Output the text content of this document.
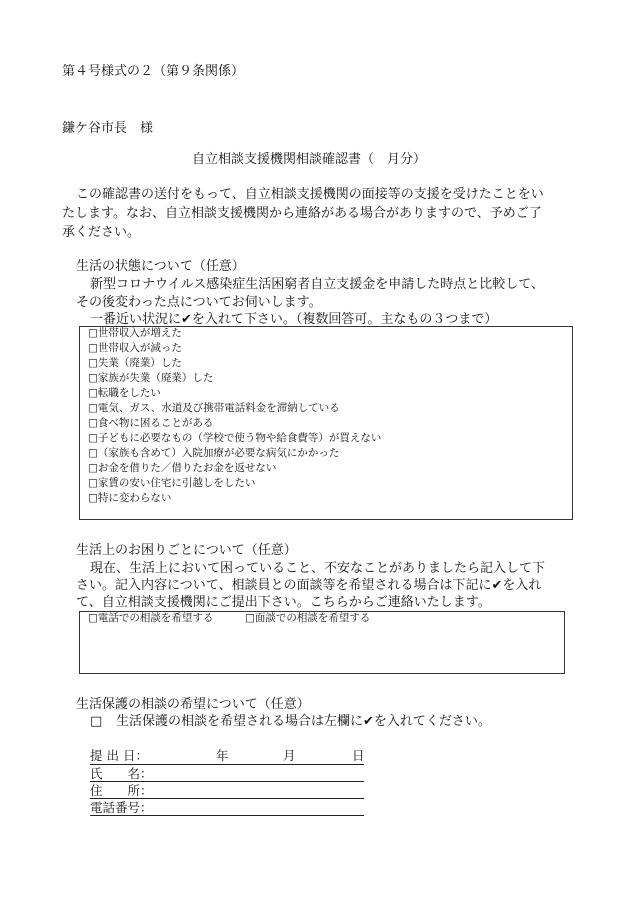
第４号様式の２（第９条関係）
鎌ケ谷市長　様
自立相談支援機関相談確認書（　月分）
この確認書の送付をもって、自立相談支援機関の面接等の支援を受けたことをい
たします。なお、自立相談支援機関から連絡がある場合がありますので、予めご了
承ください。
生活の状態について（任意）
新型コロナウイルス感染症生活困窮者自立支援金を申請した時点と比較して、
その後変わった点についてお伺いします。
一番近い状況に✔を入れて下さい。（複数回答可。主なもの３つまで）
□世帯収入が増えた
□世帯収入が減った
□失業（廃業）した
□家族が失業（廃業）した
□転職をしたい
□電気、ガス、水道及び携帯電話料金を滞納している
□食べ物に困ることがある
□子どもに必要なもの（学校で使う物や給食費等）が買えない
□（家族も含めて）入院加療が必要な病気にかかった
□お金を借りた／借りたお金を返せない
□家賃の安い住宅に引越しをしたい
□特に変わらない
生活上のお困りごとについて（任意）
現在、生活上において困っていること、不安なことがありましたら記入して下
さい。記入内容について、相談員との面談等を希望される場合は下記に✔を入れ
て、自立相談支援機関にご提出下さい。こちらからご連絡いたします。
□電話での相談を希望する	□面談での相談を希望する
生活保護の相談の希望について（任意）
□ 生活保護の相談を希望される場合は左欄に✔を入れてください。
提 出 日：	年	月	日
氏　　名：
住　　所：
電話番号：
